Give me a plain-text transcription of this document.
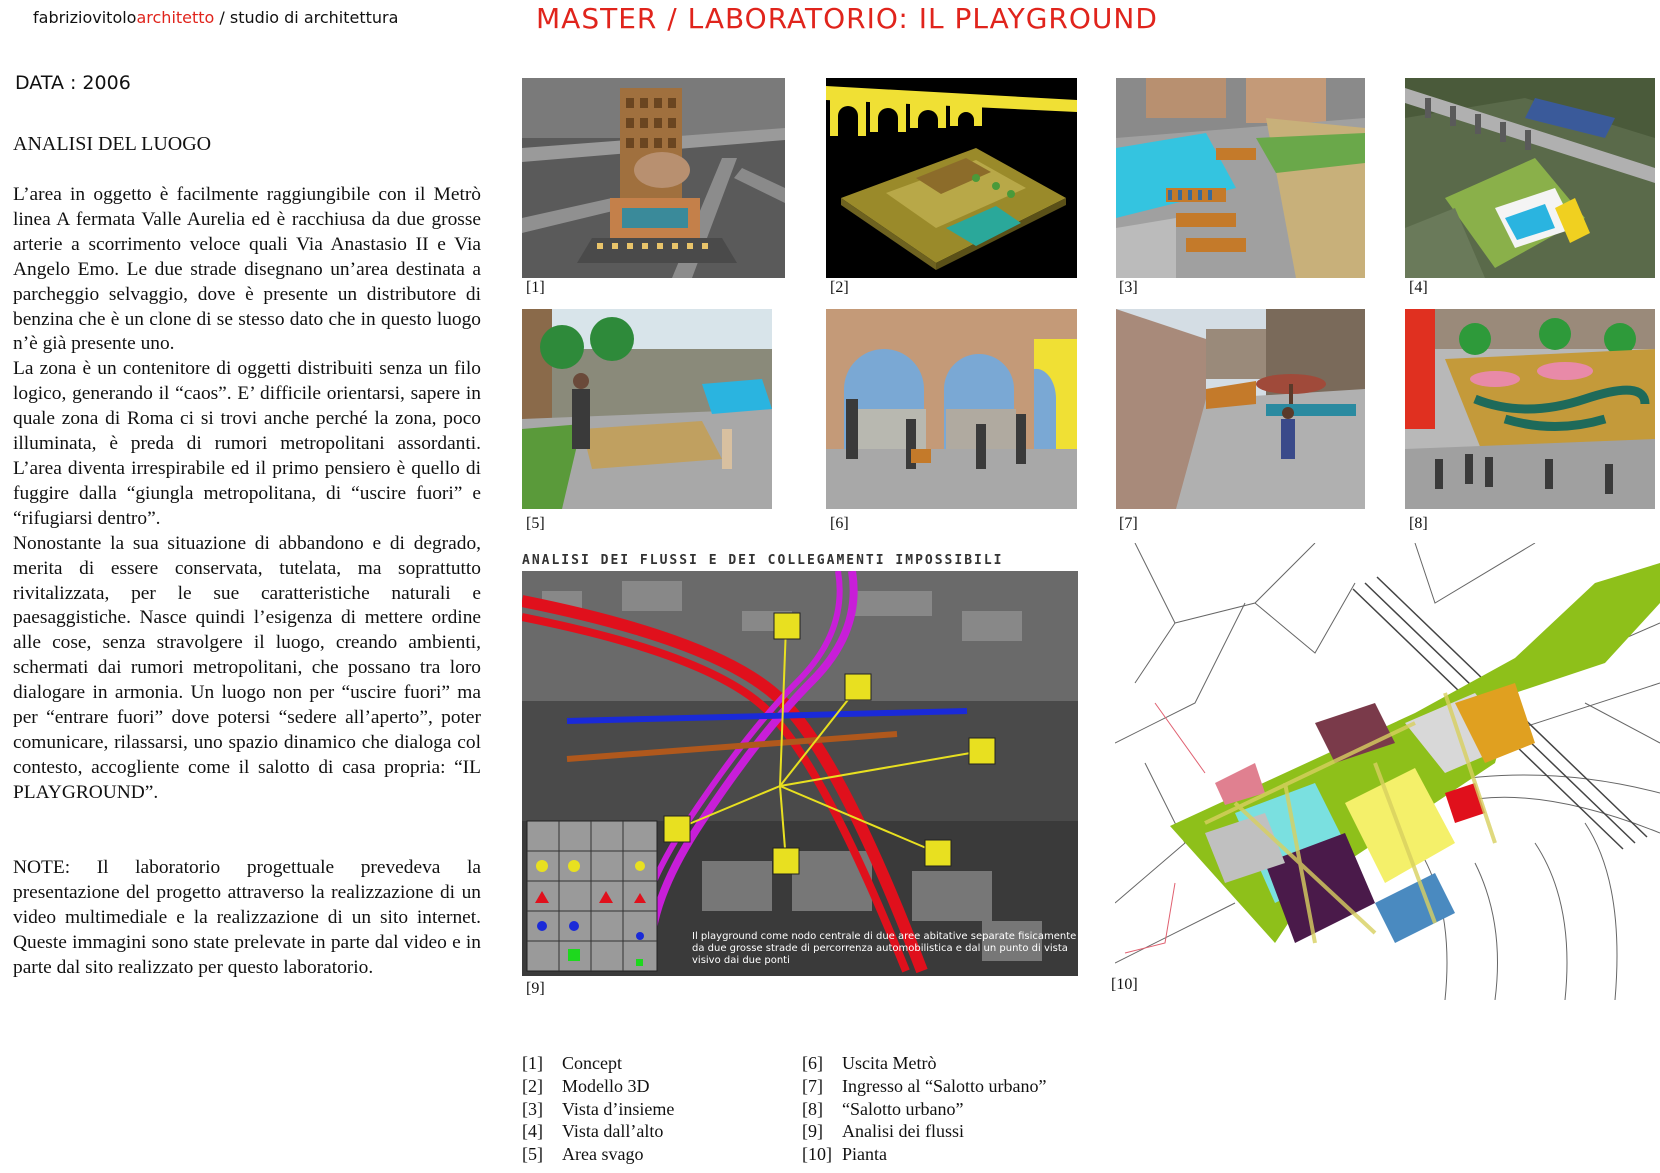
fabriziovitoloarchitetto / studio di architettura	MASTER / LABORATORIO: IL PLAYGROUND
DATA : 2006
ANALISI DEL LUOGO

L’area in oggetto è facilmente raggiungibile con il Metrò linea A fermata Valle Aurelia ed è racchiusa da due grosse arterie a scorrimento veloce quali Via Anastasio II e Via Angelo Emo. Le due strade disegnano un’area destinata a parcheggio selvaggio, dove è presente un distributore di benzina che è un clone di se stesso dato che in questo luogo n’è già presente uno.

La zona è un contenitore di oggetti distribuiti senza un filo logico, generando il “caos”. E’ difficile orientarsi, sapere in quale zona di Roma ci si trovi anche perché la zona, poco illuminata, è preda di rumori metropolitani assordanti. L’area diventa irrespirabile ed il primo pensiero è quello di fuggire dalla “giungla metropolitana, di “uscire fuori” e “rifugiarsi dentro”.

Nonostante la sua situazione di abbandono e di degrado, merita di essere conservata, tutelata, ma soprattutto rivitalizzata, per le sue caratteristiche naturali e paesaggistiche. Nasce quindi l’esigenza di mettere ordine alle cose, senza stravolgere il luogo, creando ambienti, schermati dai rumori metropolitani, che possano tra loro dialogare in armonia. Un luogo non per “uscire fuori” ma per “entrare fuori” dove potersi “sedere all’aperto”, poter comunicare, rilassarsi, uno spazio dinamico che dialoga col contesto, accogliente come il salotto di casa propria: “IL PLAYGROUND”.

NOTE: Il laboratorio progettuale prevedeva la presentazione del progetto attraverso la realizzazione di un video multimediale e la realizzazione di un sito internet. Queste immagini sono state prelevate in parte dal video e in parte dal sito realizzato per questo laboratorio.
[1]	[2]	[3]	[4]
[5]	[6]	[7]	[8]
ANALISI DEI FLUSSI E DEI COLLEGAMENTI IMPOSSIBILI
Il playground come nodo centrale di due aree abitative separate fisicamente da due grosse strade di percorrenza automobilistica e dal un punto di vista visivo dai due ponti
[9]	[10]
[1] Concept
[2] Modello 3D
[3] Vista d’insieme
[4] Vista dall’alto
[5] Area svago
[6] Uscita Metrò
[7] Ingresso al “Salotto urbano”
[8] “Salotto urbano”
[9] Analisi dei flussi
[10] Pianta
